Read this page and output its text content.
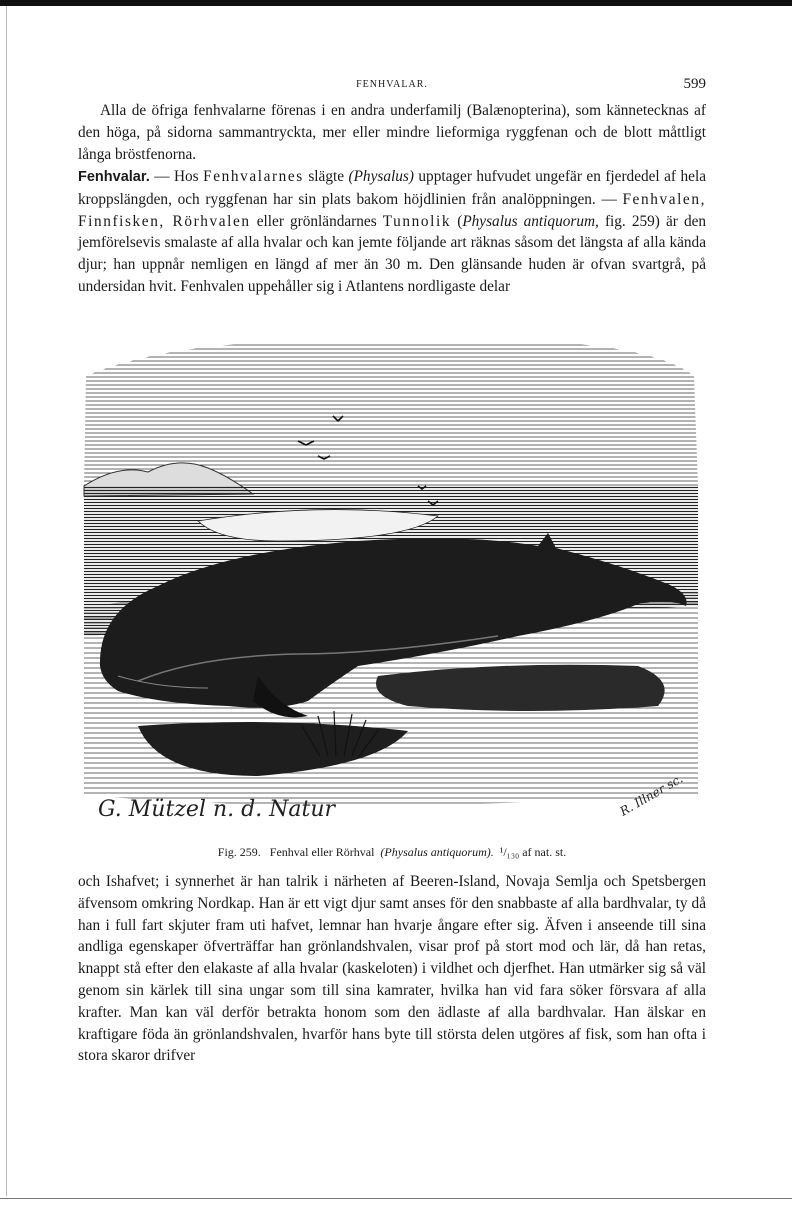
FENHVALAR.	599

Alla de öfriga fenhvalarne förenas i en andra underfamilj (Balænopterina), som kännetecknas af den höga, på sidorna sammantryckta, mer eller mindre lieformiga ryggfenan och de blott måttligt långa bröstfenorna.

Fenhvalar. — Hos Fenhvalarnes slägte (Physalus) upptager hufvudet ungefär en fjerdedel af hela kroppslängden, och ryggfenan har sin plats bakom höjdlinien från analöppningen. — Fenhvalen, Finnfisken, Rörhvalen eller grönländarnes Tunnolik (Physalus antiquorum, fig. 259) är den jemförelsevis smalaste af alla hvalar och kan jemte följande art räknas såsom det längsta af alla kända djur; han uppnår nemligen en längd af mer än 30 m. Den glänsande huden är ofvan svartgrå, på undersidan hvit. Fenhvalen uppehåller sig i Atlantens nordligaste delar

G. Mützel n. d. Natur	R. Illner sc.
Fig. 259. Fenhval eller Rörhval (Physalus antiquorum). ¹/₁₃₀ af nat. st.

och Ishafvet; i synnerhet är han talrik i närheten af Beeren-Island, Novaja Semlja och Spetsbergen äfvensom omkring Nordkap. Han är ett vigt djur samt anses för den snabbaste af alla bardhvalar, ty då han i full fart skjuter fram uti hafvet, lemnar han hvarje ångare efter sig. Äfven i anseende till sina andliga egenskaper öfverträffar han grönlandshvalen, visar prof på stort mod och lär, då han retas, knappt stå efter den elakaste af alla hvalar (kaskeloten) i vildhet och djerfhet. Han utmärker sig så väl genom sin kärlek till sina ungar som till sina kamrater, hvilka han vid fara söker försvara af alla krafter. Man kan väl derför betrakta honom som den ädlaste af alla bardhvalar. Han älskar en kraftigare föda än grönlandshvalen, hvarför hans byte till största delen utgöres af fisk, som han ofta i stora skaror drifver
